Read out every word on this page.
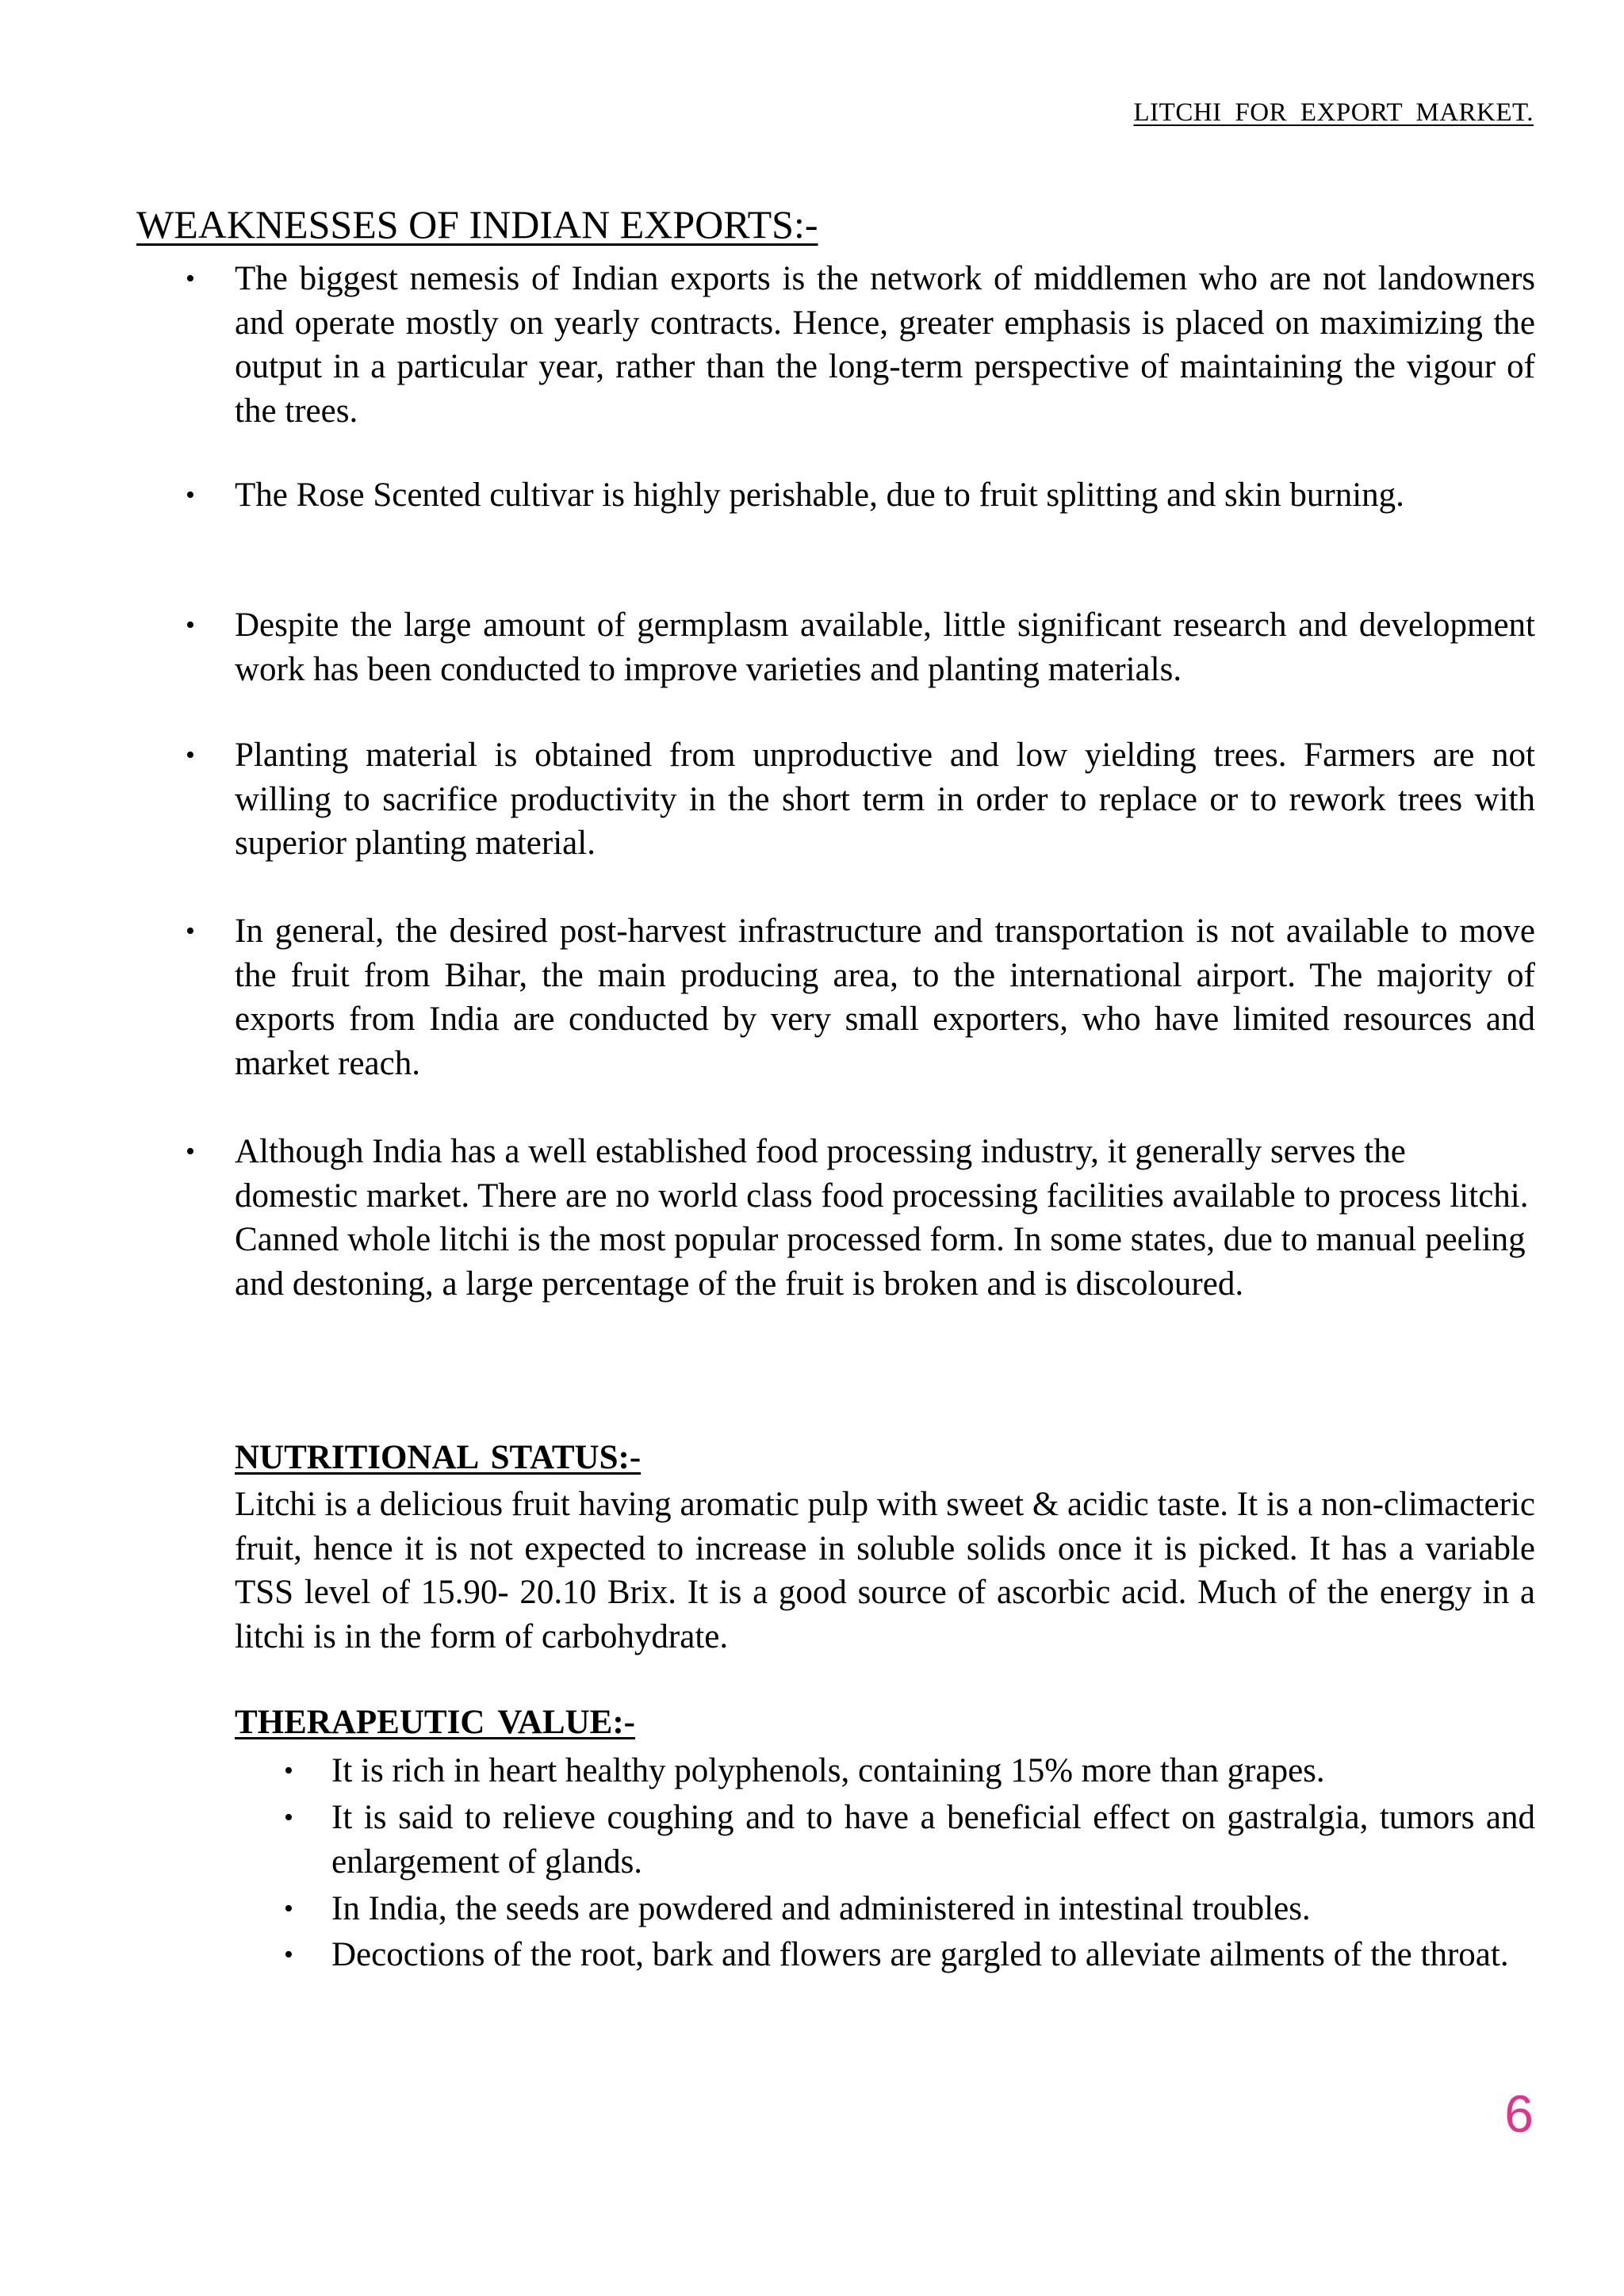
LITCHI FOR EXPORT MARKET.
WEAKNESSES OF INDIAN EXPORTS:-
• The biggest nemesis of Indian exports is the network of middlemen who are not landowners and operate mostly on yearly contracts. Hence, greater emphasis is placed on maximizing the output in a particular year, rather than the long-term perspective of maintaining the vigour of the trees.
• The Rose Scented cultivar is highly perishable, due to fruit splitting and skin burning.
• Despite the large amount of germplasm available, little significant research and development work has been conducted to improve varieties and planting materials.
• Planting material is obtained from unproductive and low yielding trees. Farmers are not willing to sacrifice productivity in the short term in order to replace or to rework trees with superior planting material.
• In general, the desired post-harvest infrastructure and transportation is not available to move the fruit from Bihar, the main producing area, to the international airport. The majority of exports from India are conducted by very small exporters, who have limited resources and market reach.
• Although India has a well established food processing industry, it generally serves the domestic market. There are no world class food processing facilities available to process litchi. Canned whole litchi is the most popular processed form. In some states, due to manual peeling and destoning, a large percentage of the fruit is broken and is discoloured.
NUTRITIONAL STATUS:-

Litchi is a delicious fruit having aromatic pulp with sweet & acidic taste. It is a non-climacteric fruit, hence it is not expected to increase in soluble solids once it is picked. It has a variable TSS level of 15.90- 20.10 Brix. It is a good source of ascorbic acid. Much of the energy in a litchi is in the form of carbohydrate.

THERAPEUTIC VALUE:-
• It is rich in heart healthy polyphenols, containing 15% more than grapes.
• It is said to relieve coughing and to have a beneficial effect on gastralgia, tumors and enlargement of glands.
• In India, the seeds are powdered and administered in intestinal troubles.
• Decoctions of the root, bark and flowers are gargled to alleviate ailments of the throat.
6
